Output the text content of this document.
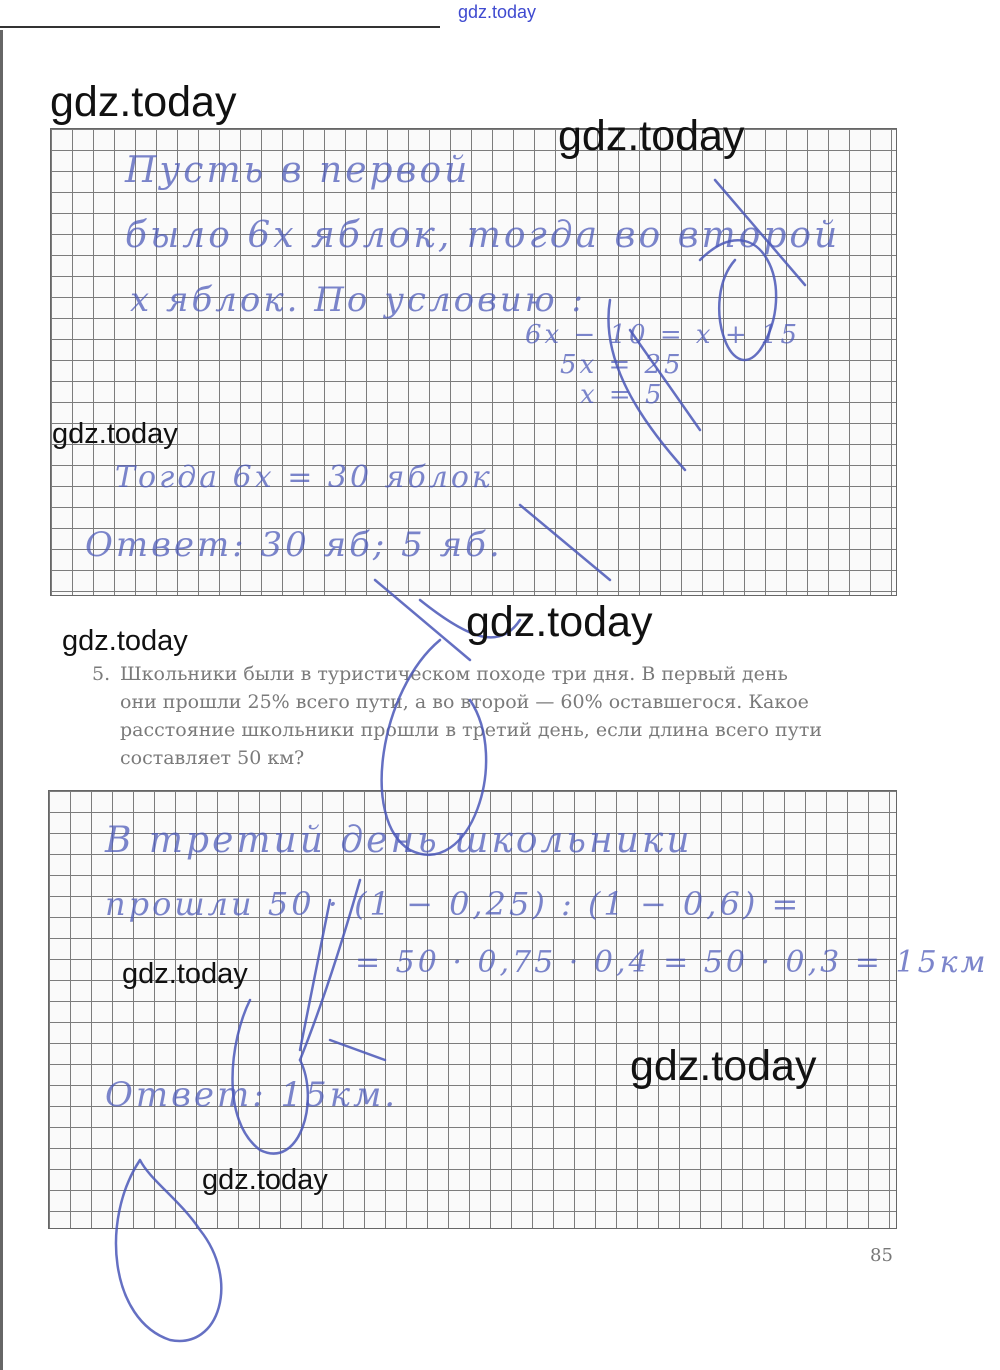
gdz.today
Пусть в первой
было 6х яблок, тогда во второй
х яблок. По условию :
6х − 10 = х + 15
5х = 25
х = 5
Тогда 6х = 30 яблок
Ответ: 30 яб; 5 яб.
5. Школьники были в туристическом походе три дня. В первый день
они прошли 25% всего пути, а во второй — 60% оставшегося. Какое
расстояние школьники прошли в третий день, если длина всего пути
составляет 50 км?
В третий день школьники
прошли 50 · (1 − 0,25) : (1 − 0,6) =
= 50 · 0,75 · 0,4 = 50 · 0,3 = 15км
Ответ: 15км.
gdz.today
gdz.today
gdz.today
gdz.today
gdz.today
gdz.today
gdz.today
gdz.today
85
